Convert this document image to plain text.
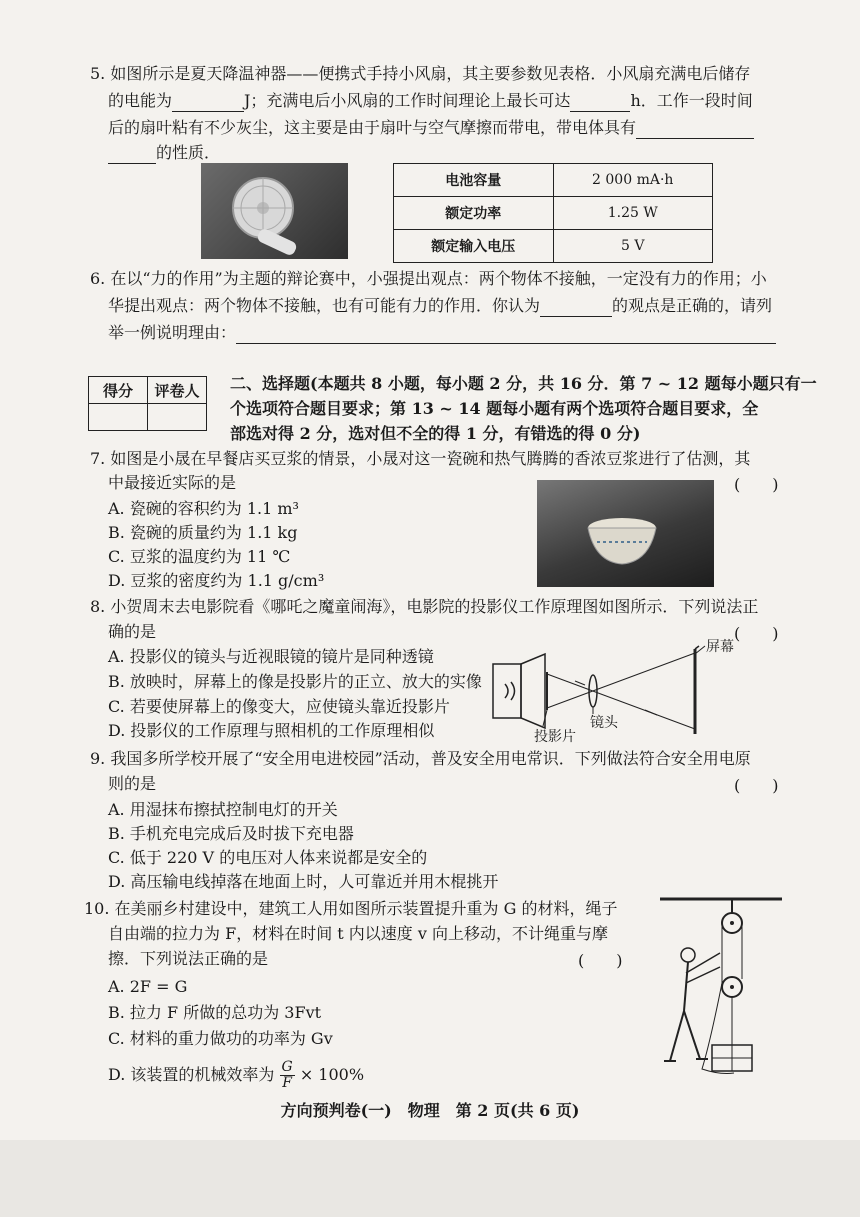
5. 如图所示是夏天降温神器——便携式手持小风扇，其主要参数见表格．小风扇充满电后储存
的电能为	J；充满电后小风扇的工作时间理论上最长可达	h．工作一段时间
后的扇叶粘有不少灰尘，这主要是由于扇叶与空气摩擦而带电，带电体具有
的性质．
电池容量	2 000 mA·h
额定功率	1.25 W
额定输入电压	5 V
6. 在以“力的作用”为主题的辩论赛中，小强提出观点：两个物体不接触，一定没有力的作用；小
华提出观点：两个物体不接触，也有可能有力的作用．你认为	的观点是正确的，请列
举一例说明理由：
得分	评卷人
	二、选择题(本题共 8 小题，每小题 2 分，共 16 分．第 7 ~ 12 题每小题只有一
个选项符合题目要求；第 13 ~ 14 题每小题有两个选项符合题目要求，全
部选对得 2 分，选对但不全的得 1 分，有错选的得 0 分)
7. 如图是小晟在早餐店买豆浆的情景，小晟对这一瓷碗和热气腾腾的香浓豆浆进行了估测，其
中最接近实际的是	(　　)
A. 瓷碗的容积约为 1.1 m³
B. 瓷碗的质量约为 1.1 kg
C. 豆浆的温度约为 11 ℃
D. 豆浆的密度约为 1.1 g/cm³
8. 小贺周末去电影院看《哪吒之魔童闹海》，电影院的投影仪工作原理图如图所示．下列说法正
确的是	(　　)
A. 投影仪的镜头与近视眼镜的镜片是同种透镜
B. 放映时，屏幕上的像是投影片的正立、放大的实像
C. 若要使屏幕上的像变大，应使镜头靠近投影片
D. 投影仪的工作原理与照相机的工作原理相似
屏幕
镜头
投影片
9. 我国多所学校开展了“安全用电进校园”活动，普及安全用电常识．下列做法符合安全用电原
则的是	(　　)
A. 用湿抹布擦拭控制电灯的开关
B. 手机充电完成后及时拔下充电器
C. 低于 220 V 的电压对人体来说都是安全的
D. 高压输电线掉落在地面上时，人可靠近并用木棍挑开
10. 在美丽乡村建设中，建筑工人用如图所示装置提升重为 G 的材料，绳子
自由端的拉力为 F，材料在时间 t 内以速度 v 向上移动，不计绳重与摩
擦．下列说法正确的是	(　　)
A. 2F = G
B. 拉力 F 所做的总功为 3Fvt
C. 材料的重力做功的功率为 Gv
D. 该装置的机械效率为 $\frac{G}{F} \times 100\%$
方向预判卷(一)　物理　第 2 页(共 6 页)
